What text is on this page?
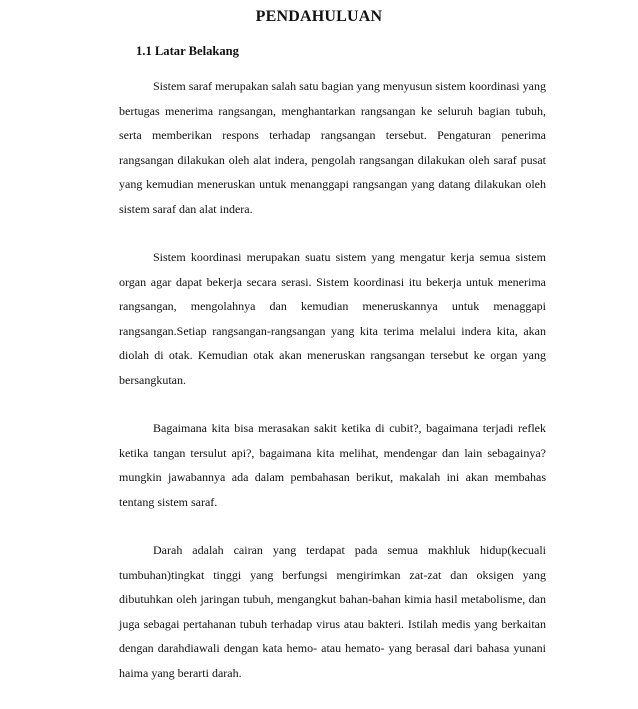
PENDAHULUAN
1.1 Latar Belakang

Sistem saraf merupakan salah satu bagian yang menyusun sistem koordinasi yang bertugas menerima rangsangan, menghantarkan rangsangan ke seluruh bagian tubuh, serta memberikan respons terhadap rangsangan tersebut. Pengaturan penerima rangsangan dilakukan oleh alat indera, pengolah rangsangan dilakukan oleh saraf pusat yang kemudian meneruskan untuk menanggapi rangsangan yang datang dilakukan oleh sistem saraf dan alat indera.

Sistem koordinasi merupakan suatu sistem yang mengatur kerja semua sistem organ agar dapat bekerja secara serasi. Sistem koordinasi itu bekerja untuk menerima rangsangan, mengolahnya dan kemudian meneruskannya untuk menaggapi rangsangan.Setiap rangsangan-rangsangan yang kita terima melalui indera kita, akan diolah di otak. Kemudian otak akan meneruskan rangsangan tersebut ke organ yang bersangkutan.

Bagaimana kita bisa merasakan sakit ketika di cubit?, bagaimana terjadi reflek ketika tangan tersulut api?, bagaimana kita melihat, mendengar dan lain sebagainya? mungkin jawabannya ada dalam pembahasan berikut, makalah ini akan membahas tentang sistem saraf.

Darah adalah cairan yang terdapat pada semua makhluk hidup(kecuali tumbuhan)tingkat tinggi yang berfungsi mengirimkan zat-zat dan oksigen yang dibutuhkan oleh jaringan tubuh, mengangkut bahan-bahan kimia hasil metabolisme, dan juga sebagai pertahanan tubuh terhadap virus atau bakteri. Istilah medis yang berkaitan dengan darahdiawali dengan kata hemo- atau hemato- yang berasal dari bahasa yunani haima yang berarti darah.
